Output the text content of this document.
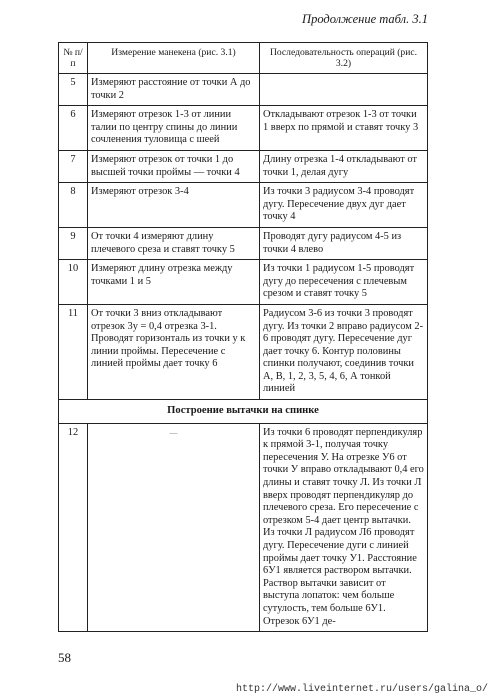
Продолжение табл. 3.1
№ п/п	Измерение манекена (рис. 3.1)	Последовательность операций (рис. 3.2)
5	Измеряют расстояние от точки А до точки 2	
6	Измеряют отрезок 1-3 от линии талии по центру спины до линии сочленения туловища с шеей	Откладывают отрезок 1-3 от точки 1 вверх по прямой и ставят точку 3
7	Измеряют отрезок от точки 1 до высшей точки проймы — точки 4	Длину отрезка 1-4 откладывают от точки 1, делая дугу
8	Измеряют отрезок 3-4	Из точки 3 радиусом 3-4 проводят дугу. Пересечение двух дуг дает точку 4
9	От точки 4 измеряют длину плечевого среза и ставят точку 5	Проводят дугу радиусом 4-5 из точки 4 влево
10	Измеряют длину отрезка между точками 1 и 5	Из точки 1 радиусом 1-5 проводят дугу до пересечения с плечевым срезом и ставят точку 5
11	От точки 3 вниз откладывают отрезок 3у = 0,4 отрезка 3-1. Проводят горизонталь из точки у к линии проймы. Пересечение с линией проймы дает точку 6	Радиусом 3-6 из точки 3 проводят дугу. Из точки 2 вправо радиусом 2-6 проводят дугу. Пересечение дуг дает точку 6. Контур половины спинки получают, соединив точки А, В, 1, 2, 3, 5, 4, 6, А тонкой линией
Построение вытачки на спинке		
12	—	Из точки 6 проводят перпендикуляр к прямой 3-1, получая точку пересечения У. На отрезке У6 от точки У вправо откладывают 0,4 его длины и ставят точку Л. Из точки Л вверх проводят перпендикуляр до плечевого среза. Его пересечение с отрезком 5-4 дает центр вытачки. Из точки Л радиусом Л6 проводят дугу. Пересечение дуги с линией проймы дает точку У1. Расстояние 6У1 является раствором вытачки. Раствор вытачки зависит от выступа лопаток: чем больше сутулость, тем больше 6У1. Отрезок 6У1 де-
58
http://www.liveinternet.ru/users/galina_o/
